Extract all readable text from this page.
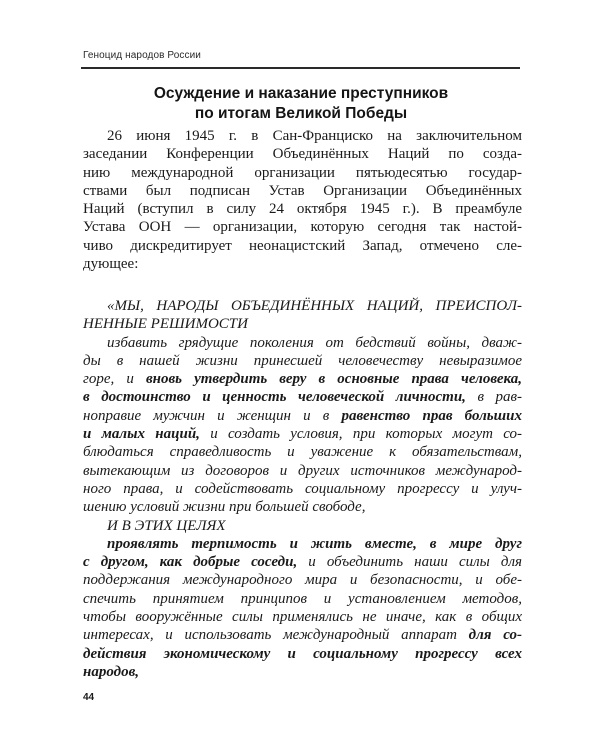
Геноцид народов России
Осуждение и наказание преступников
по итогам Великой Победы
26 июня 1945 г. в Сан-Франциско на заключительном
заседании Конференции Объединённых Наций по созда-
нию международной организации пятьюдесятью государ-
ствами был подписан Устав Организации Объединённых
Наций (вступил в силу 24 октября 1945 г.). В преамбуле
Устава ООН — организации, которую сегодня так настой-
чиво дискредитирует неонацистский Запад, отмечено сле-
дующее:
«МЫ, НАРОДЫ ОБЪЕДИНЁННЫХ НАЦИЙ, ПРЕИСПОЛ-
НЕННЫЕ РЕШИМОСТИ
избавить грядущие поколения от бедствий войны, дваж-
ды в нашей жизни принесшей человечеству невыразимое
горе, и вновь утвердить веру в основные права человека,
в достоинство и ценность человеческой личности, в рав-
ноправие мужчин и женщин и в равенство прав больших
и малых наций, и создать условия, при которых могут со-
блюдаться справедливость и уважение к обязательствам,
вытекающим из договоров и других источников международ-
ного права, и содействовать социальному прогрессу и улуч-
шению условий жизни при большей свободе,
И В ЭТИХ ЦЕЛЯХ
проявлять терпимость и жить вместе, в мире друг
с другом, как добрые соседи, и объединить наши силы для
поддержания международного мира и безопасности, и обе-
спечить принятием принципов и установлением методов,
чтобы вооружённые силы применялись не иначе, как в общих
интересах, и использовать международный аппарат для со-
действия экономическому и социальному прогрессу всех
народов,
44
